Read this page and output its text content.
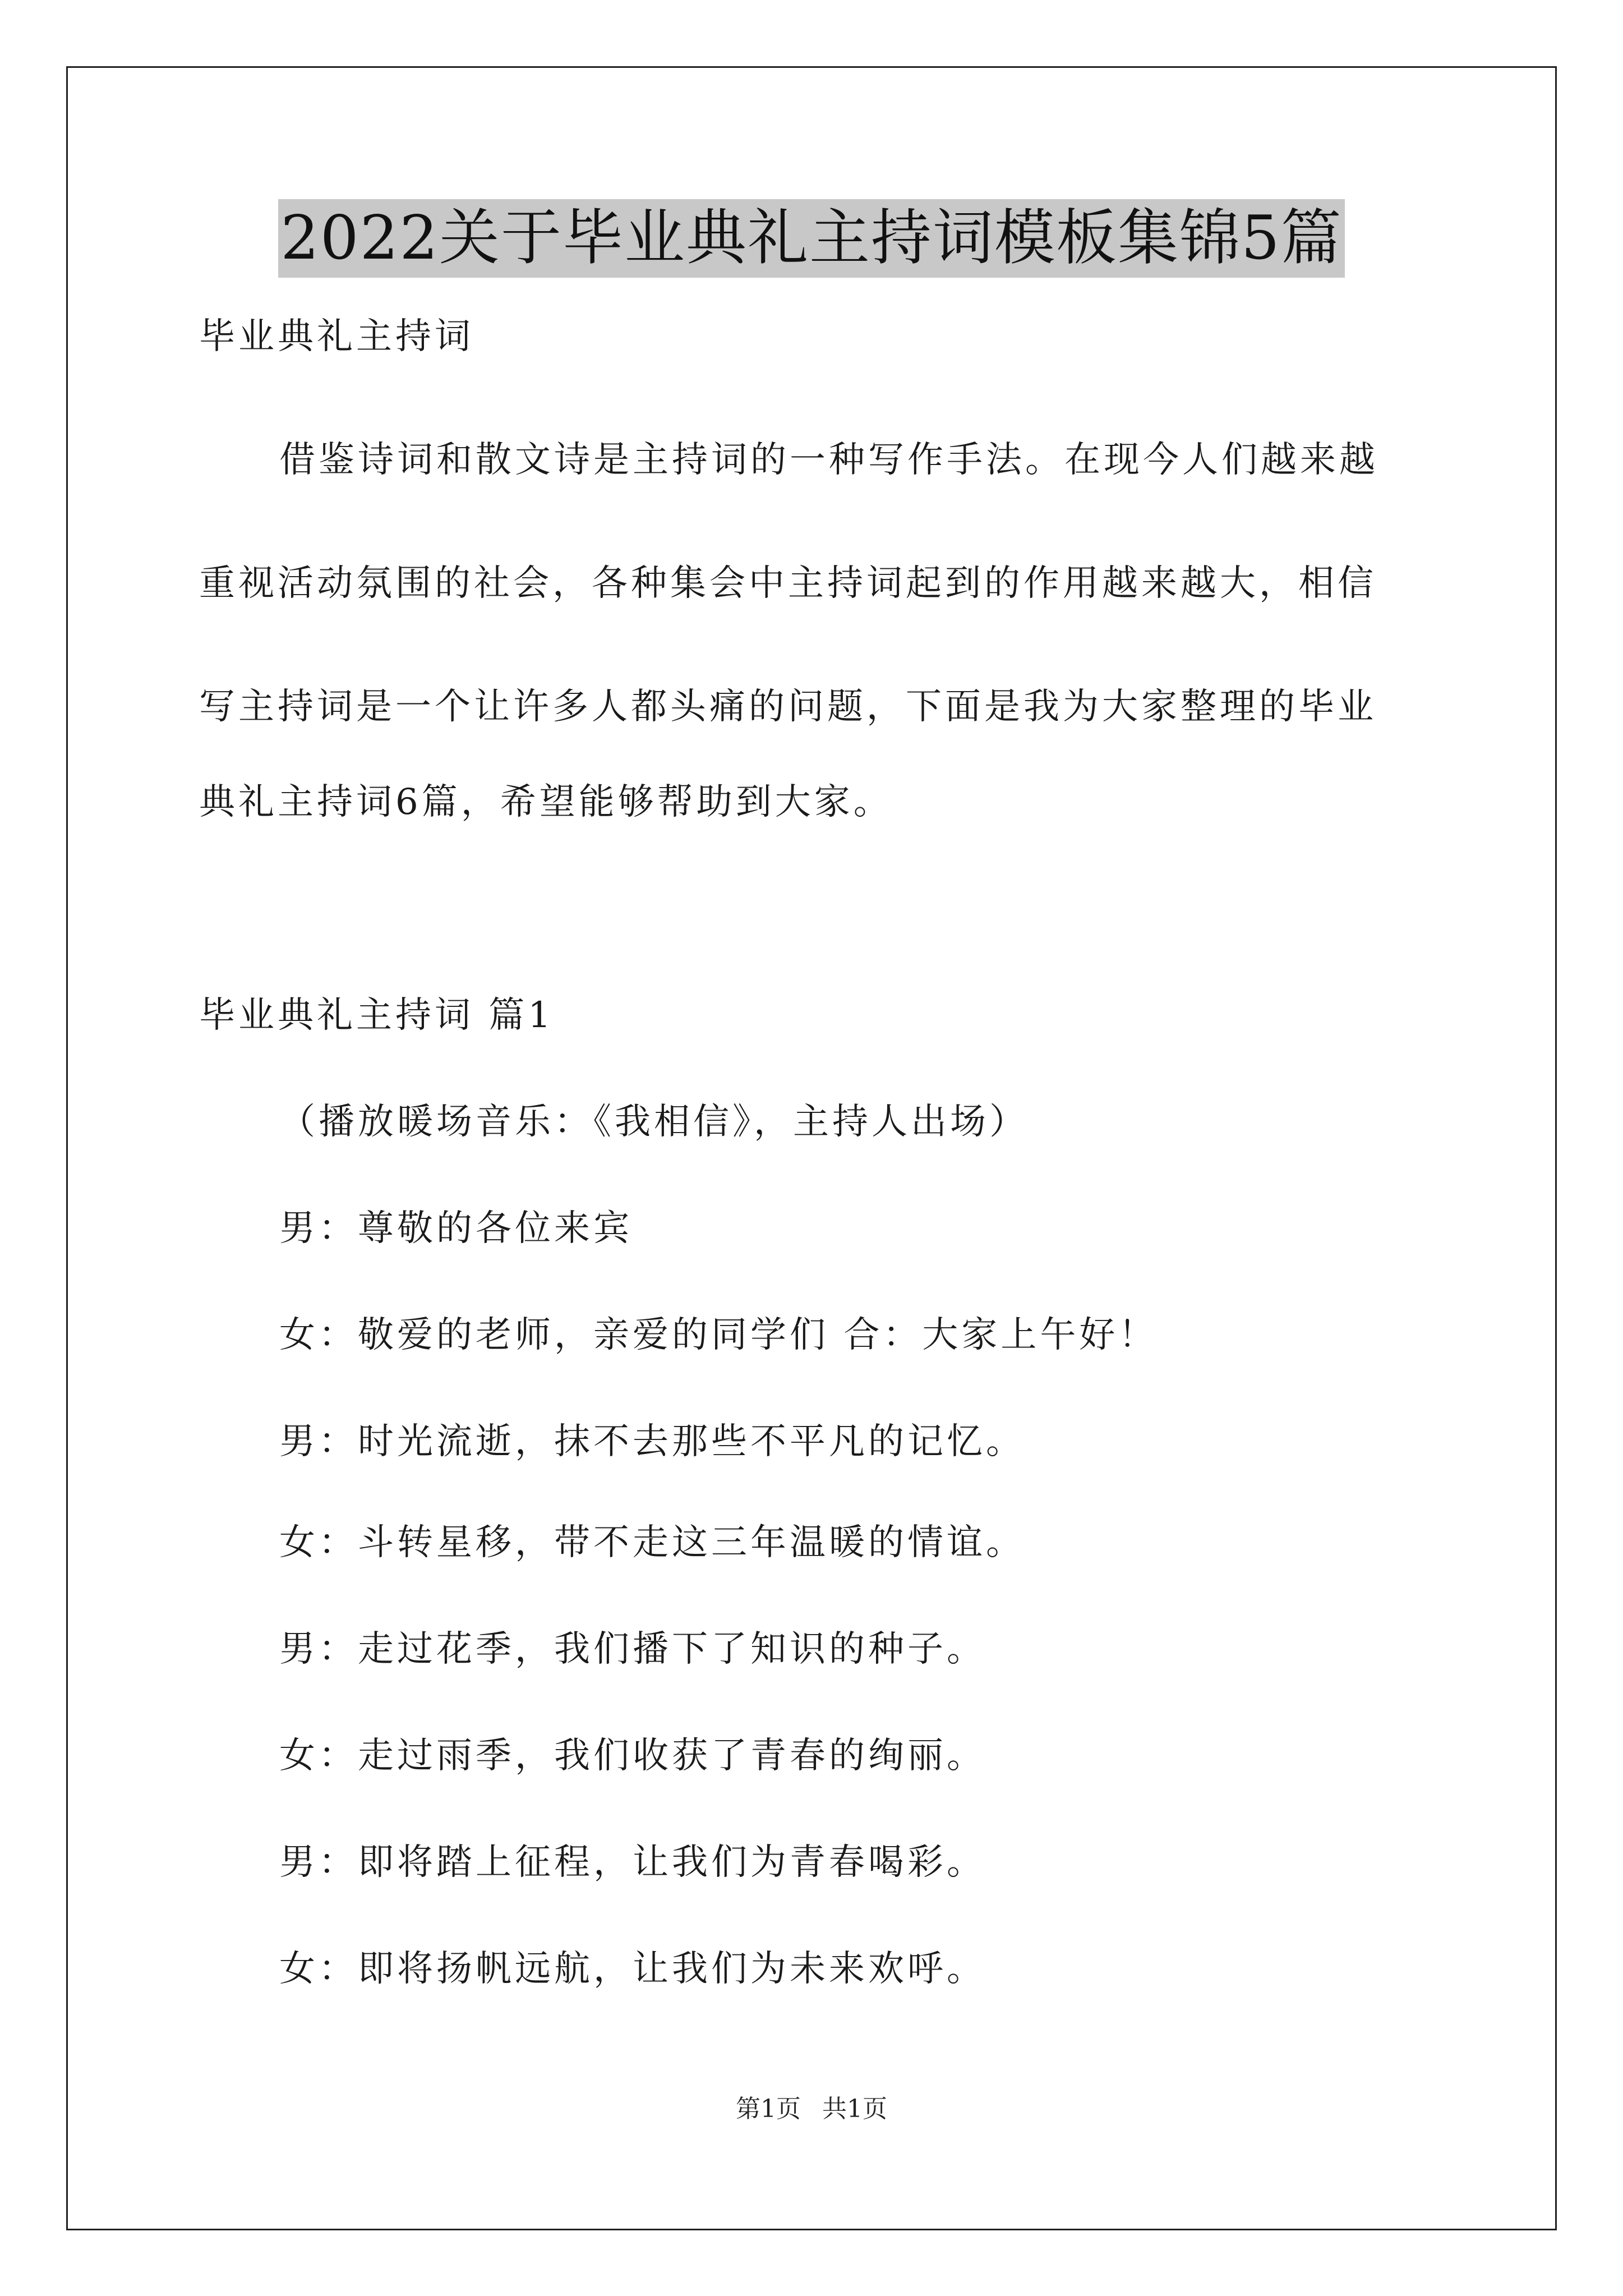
2022关于毕业典礼主持词模板集锦5篇
毕业典礼主持词
借鉴诗词和散文诗是主持词的一种写作手法。在现今人们越来越
重视活动氛围的社会，各种集会中主持词起到的作用越来越大，相信
写主持词是一个让许多人都头痛的问题，下面是我为大家整理的毕业
典礼主持词6篇，希望能够帮助到大家。
毕业典礼主持词 篇1
（播放暖场音乐：《我相信》，主持人出场）
男：尊敬的各位来宾
女：敬爱的老师，亲爱的同学们 合：大家上午好！
男：时光流逝，抹不去那些不平凡的记忆。
女：斗转星移，带不走这三年温暖的情谊。
男：走过花季，我们播下了知识的种子。
女：走过雨季，我们收获了青春的绚丽。
男：即将踏上征程，让我们为青春喝彩。
女：即将扬帆远航，让我们为未来欢呼。
第1页 共1页
